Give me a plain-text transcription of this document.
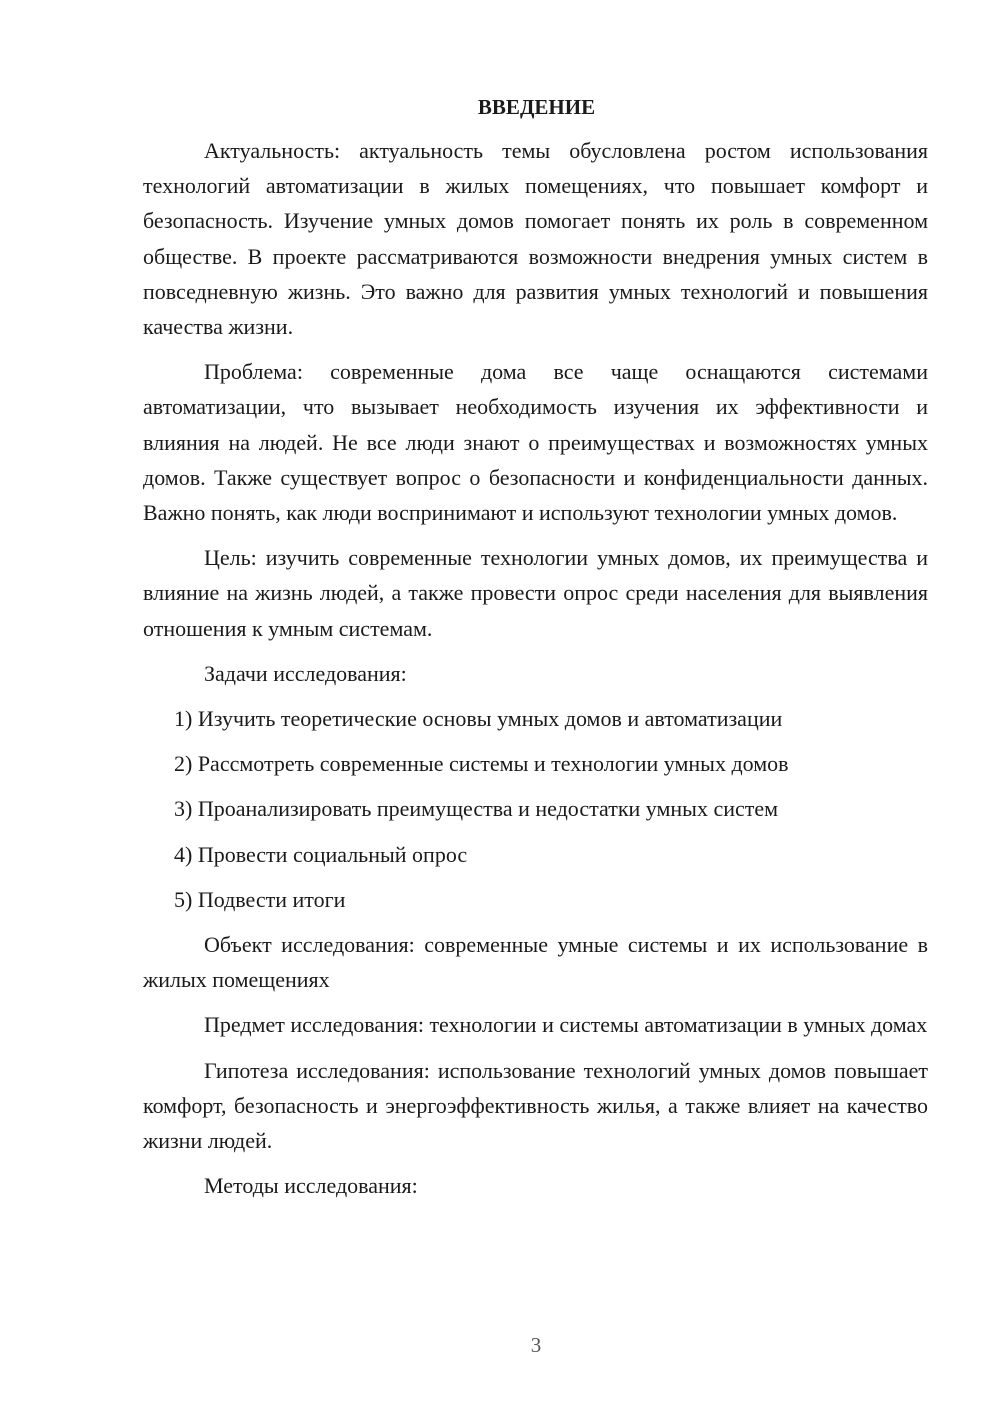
ВВЕДЕНИЕ

Актуальность: актуальность темы обусловлена ростом использования технологий автоматизации в жилых помещениях, что повышает комфорт и безопасность. Изучение умных домов помогает понять их роль в современном обществе. В проекте рассматриваются возможности внедрения умных систем в повседневную жизнь. Это важно для развития умных технологий и повышения качества жизни.

Проблема: современные дома все чаще оснащаются системами автоматизации, что вызывает необходимость изучения их эффективности и влияния на людей. Не все люди знают о преимуществах и возможностях умных домов. Также существует вопрос о безопасности и конфиденциальности данных. Важно понять, как люди воспринимают и используют технологии умных домов.

Цель: изучить современные технологии умных домов, их преимущества и влияние на жизнь людей, а также провести опрос среди населения для выявления отношения к умным системам.

Задачи исследования:

1) Изучить теоретические основы умных домов и автоматизации
2) Рассмотреть современные системы и технологии умных домов
3) Проанализировать преимущества и недостатки умных систем
4) Провести социальный опрос
5) Подвести итоги

Объект исследования: современные умные системы и их использование в жилых помещениях

Предмет исследования: технологии и системы автоматизации в умных домах

Гипотеза исследования: использование технологий умных домов повышает комфорт, безопасность и энергоэффективность жилья, а также влияет на качество жизни людей.

Методы исследования:

3
